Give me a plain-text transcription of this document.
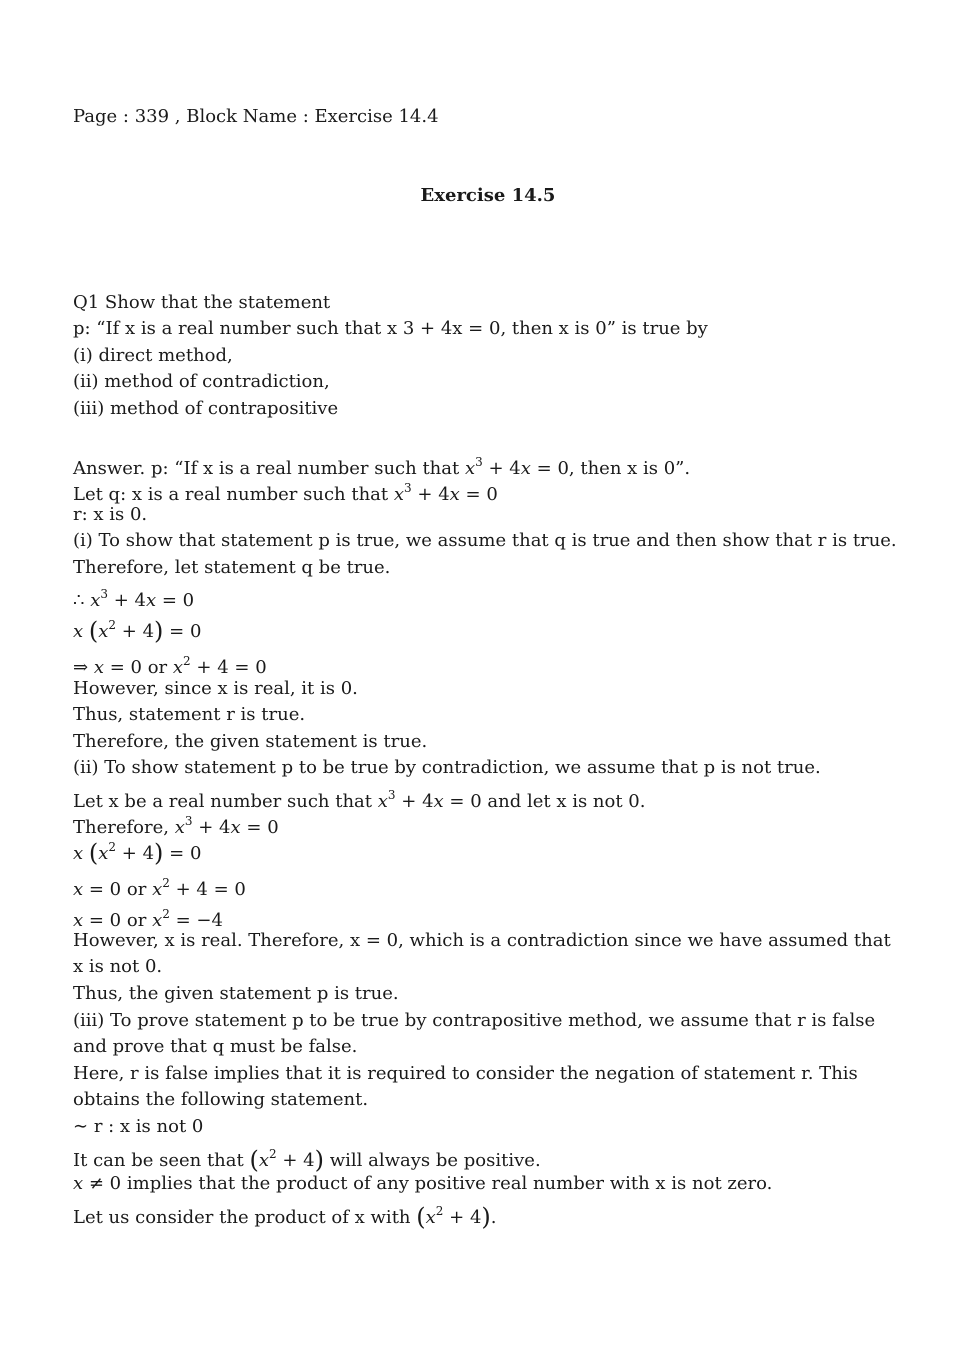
Page : 339 , Block Name : Exercise 14.4
Exercise 14.5
Q1 Show that the statement
p: “If x is a real number such that x 3 + 4x = 0, then x is 0” is true by
(i) direct method,
(ii) method of contradiction,
(iii) method of contrapositive
Answer. p: “If x is a real number such that $x^3 + 4x = 0$, then x is 0”.
Let q: x is a real number such that $x^3 + 4x = 0$
r: x is 0.
(i) To show that statement p is true, we assume that q is true and then show that r is true.
Therefore, let statement q be true.
∴ $x^3 + 4x = 0$
x $(x^2 + 4) = 0$
⇒ x = 0 or $x^2 + 4 = 0$
However, since x is real, it is 0.
Thus, statement r is true.
Therefore, the given statement is true.
(ii) To show statement p to be true by contradiction, we assume that p is not true.
Let x be a real number such that $x^3 + 4x = 0$ and let x is not 0.
Therefore, $x^3 + 4x = 0$
x $(x^2 + 4) = 0$
x = 0 or $x^2 + 4 = 0$
x = 0 or $x^2 = -4$
However, x is real. Therefore, x = 0, which is a contradiction since we have assumed that x is not 0.
Thus, the given statement p is true.
(iii) To prove statement p to be true by contrapositive method, we assume that r is false and prove that q must be false.
Here, r is false implies that it is required to consider the negation of statement r. This obtains the following statement.
∼ r : x is not 0
It can be seen that $(x^2 + 4)$ will always be positive.
x ≠ 0 implies that the product of any positive real number with x is not zero.
Let us consider the product of x with $(x^2 + 4)$.
